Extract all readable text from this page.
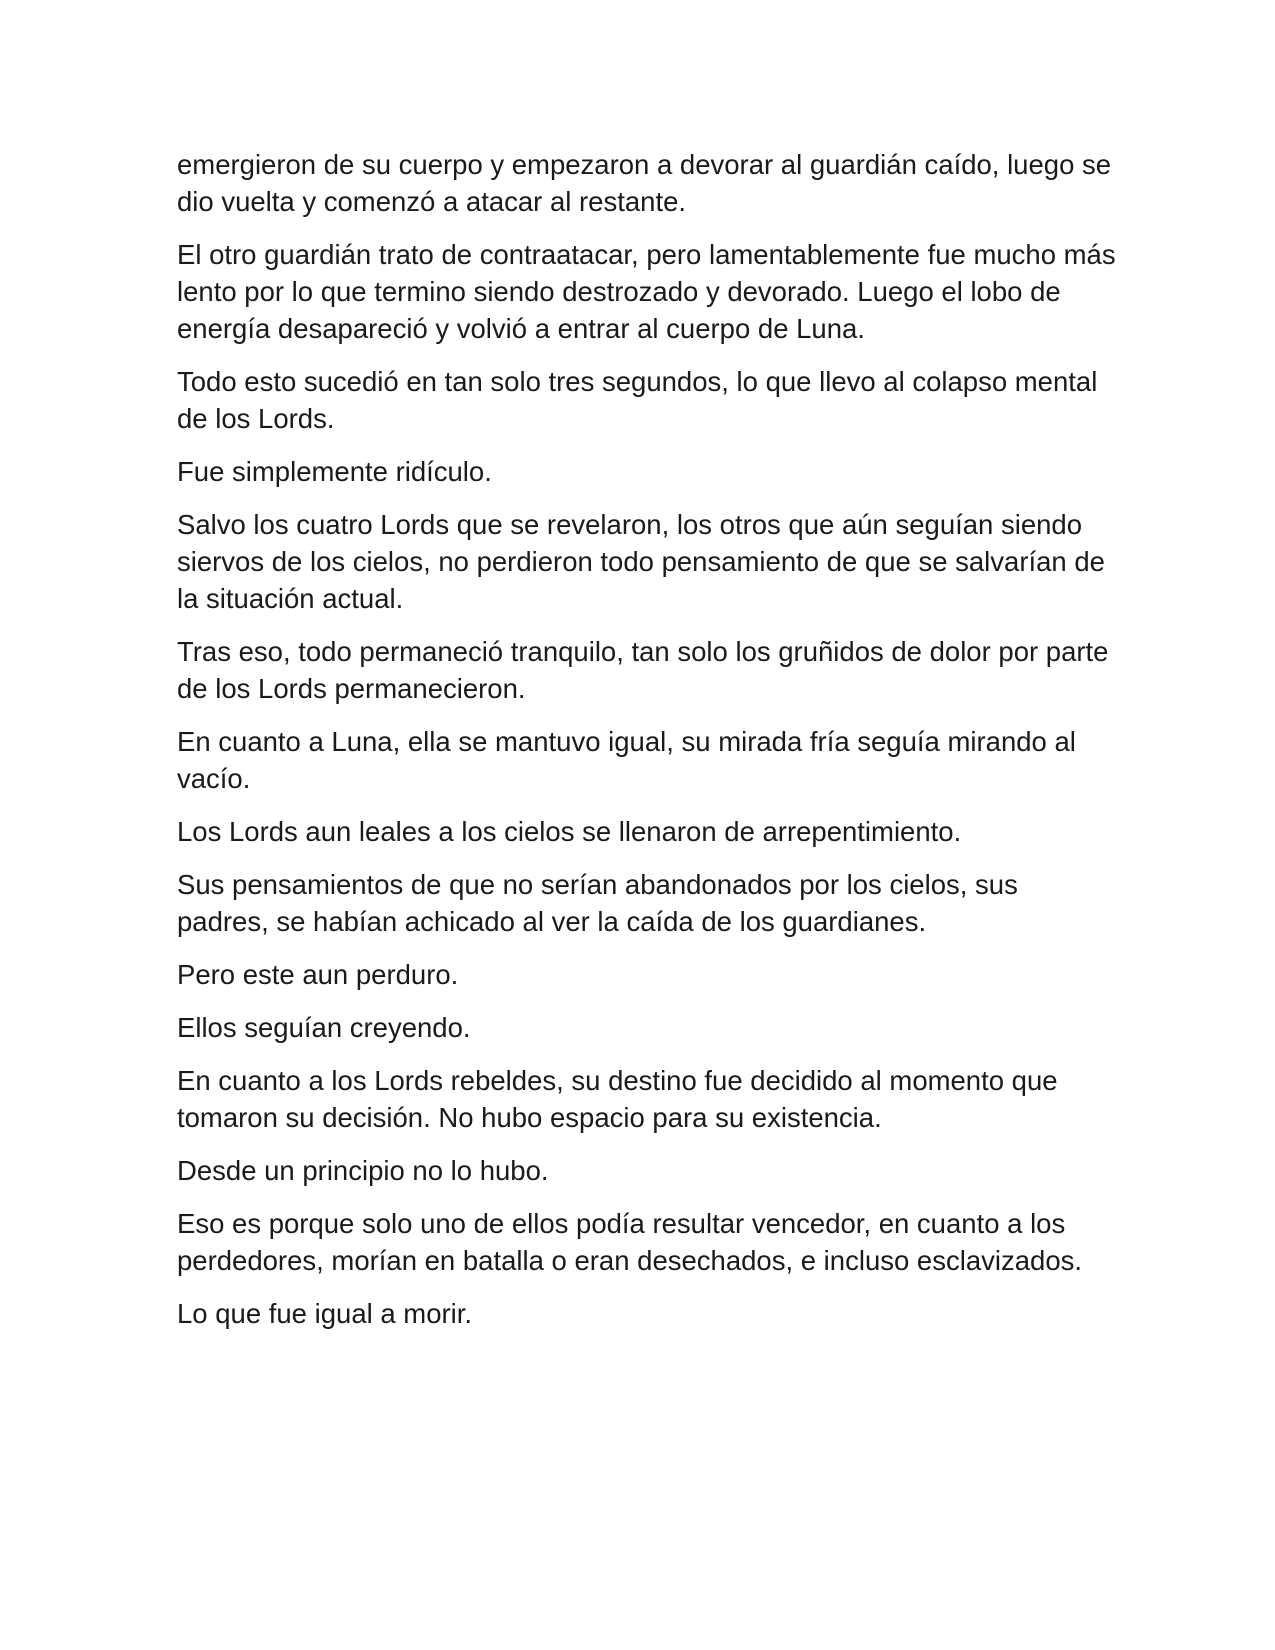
emergieron de su cuerpo y empezaron a devorar al guardián caído, luego se dio vuelta y comenzó a atacar al restante.

El otro guardián trato de contraatacar, pero lamentablemente fue mucho más lento por lo que termino siendo destrozado y devorado. Luego el lobo de energía desapareció y volvió a entrar al cuerpo de Luna.

Todo esto sucedió en tan solo tres segundos, lo que llevo al colapso mental de los Lords.

Fue simplemente ridículo.

Salvo los cuatro Lords que se revelaron, los otros que aún seguían siendo siervos de los cielos, no perdieron todo pensamiento de que se salvarían de la situación actual.

Tras eso, todo permaneció tranquilo, tan solo los gruñidos de dolor por parte de los Lords permanecieron.

En cuanto a Luna, ella se mantuvo igual, su mirada fría seguía mirando al vacío.

Los Lords aun leales a los cielos se llenaron de arrepentimiento.

Sus pensamientos de que no serían abandonados por los cielos, sus padres, se habían achicado al ver la caída de los guardianes.

Pero este aun perduro.

Ellos seguían creyendo.

En cuanto a los Lords rebeldes, su destino fue decidido al momento que tomaron su decisión. No hubo espacio para su existencia.

Desde un principio no lo hubo.

Eso es porque solo uno de ellos podía resultar vencedor, en cuanto a los perdedores, morían en batalla o eran desechados, e incluso esclavizados.

Lo que fue igual a morir.
